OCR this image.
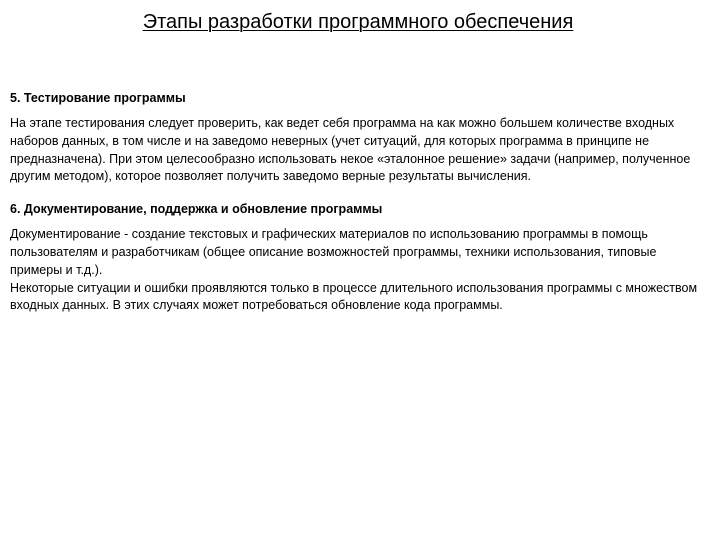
Этапы разработки программного обеспечения
5. Тестирование программы

На этапе тестирования следует проверить, как ведет себя программа на как можно большем количестве входных наборов данных, в том числе и на заведомо неверных (учет ситуаций, для которых программа в принципе не предназначена). При этом целесообразно использовать некое «эталонное решение» задачи (например, полученное другим методом), которое позволяет получить заведомо верные результаты вычисления.

6. Документирование, поддержка и обновление программы

Документирование - создание текстовых и графических материалов по использованию программы в помощь пользователям и разработчикам (общее описание возможностей программы, техники использования, типовые примеры и т.д.).

Некоторые ситуации и ошибки проявляются только в процессе длительного использования программы с множеством входных данных. В этих случаях может потребоваться обновление кода программы.
